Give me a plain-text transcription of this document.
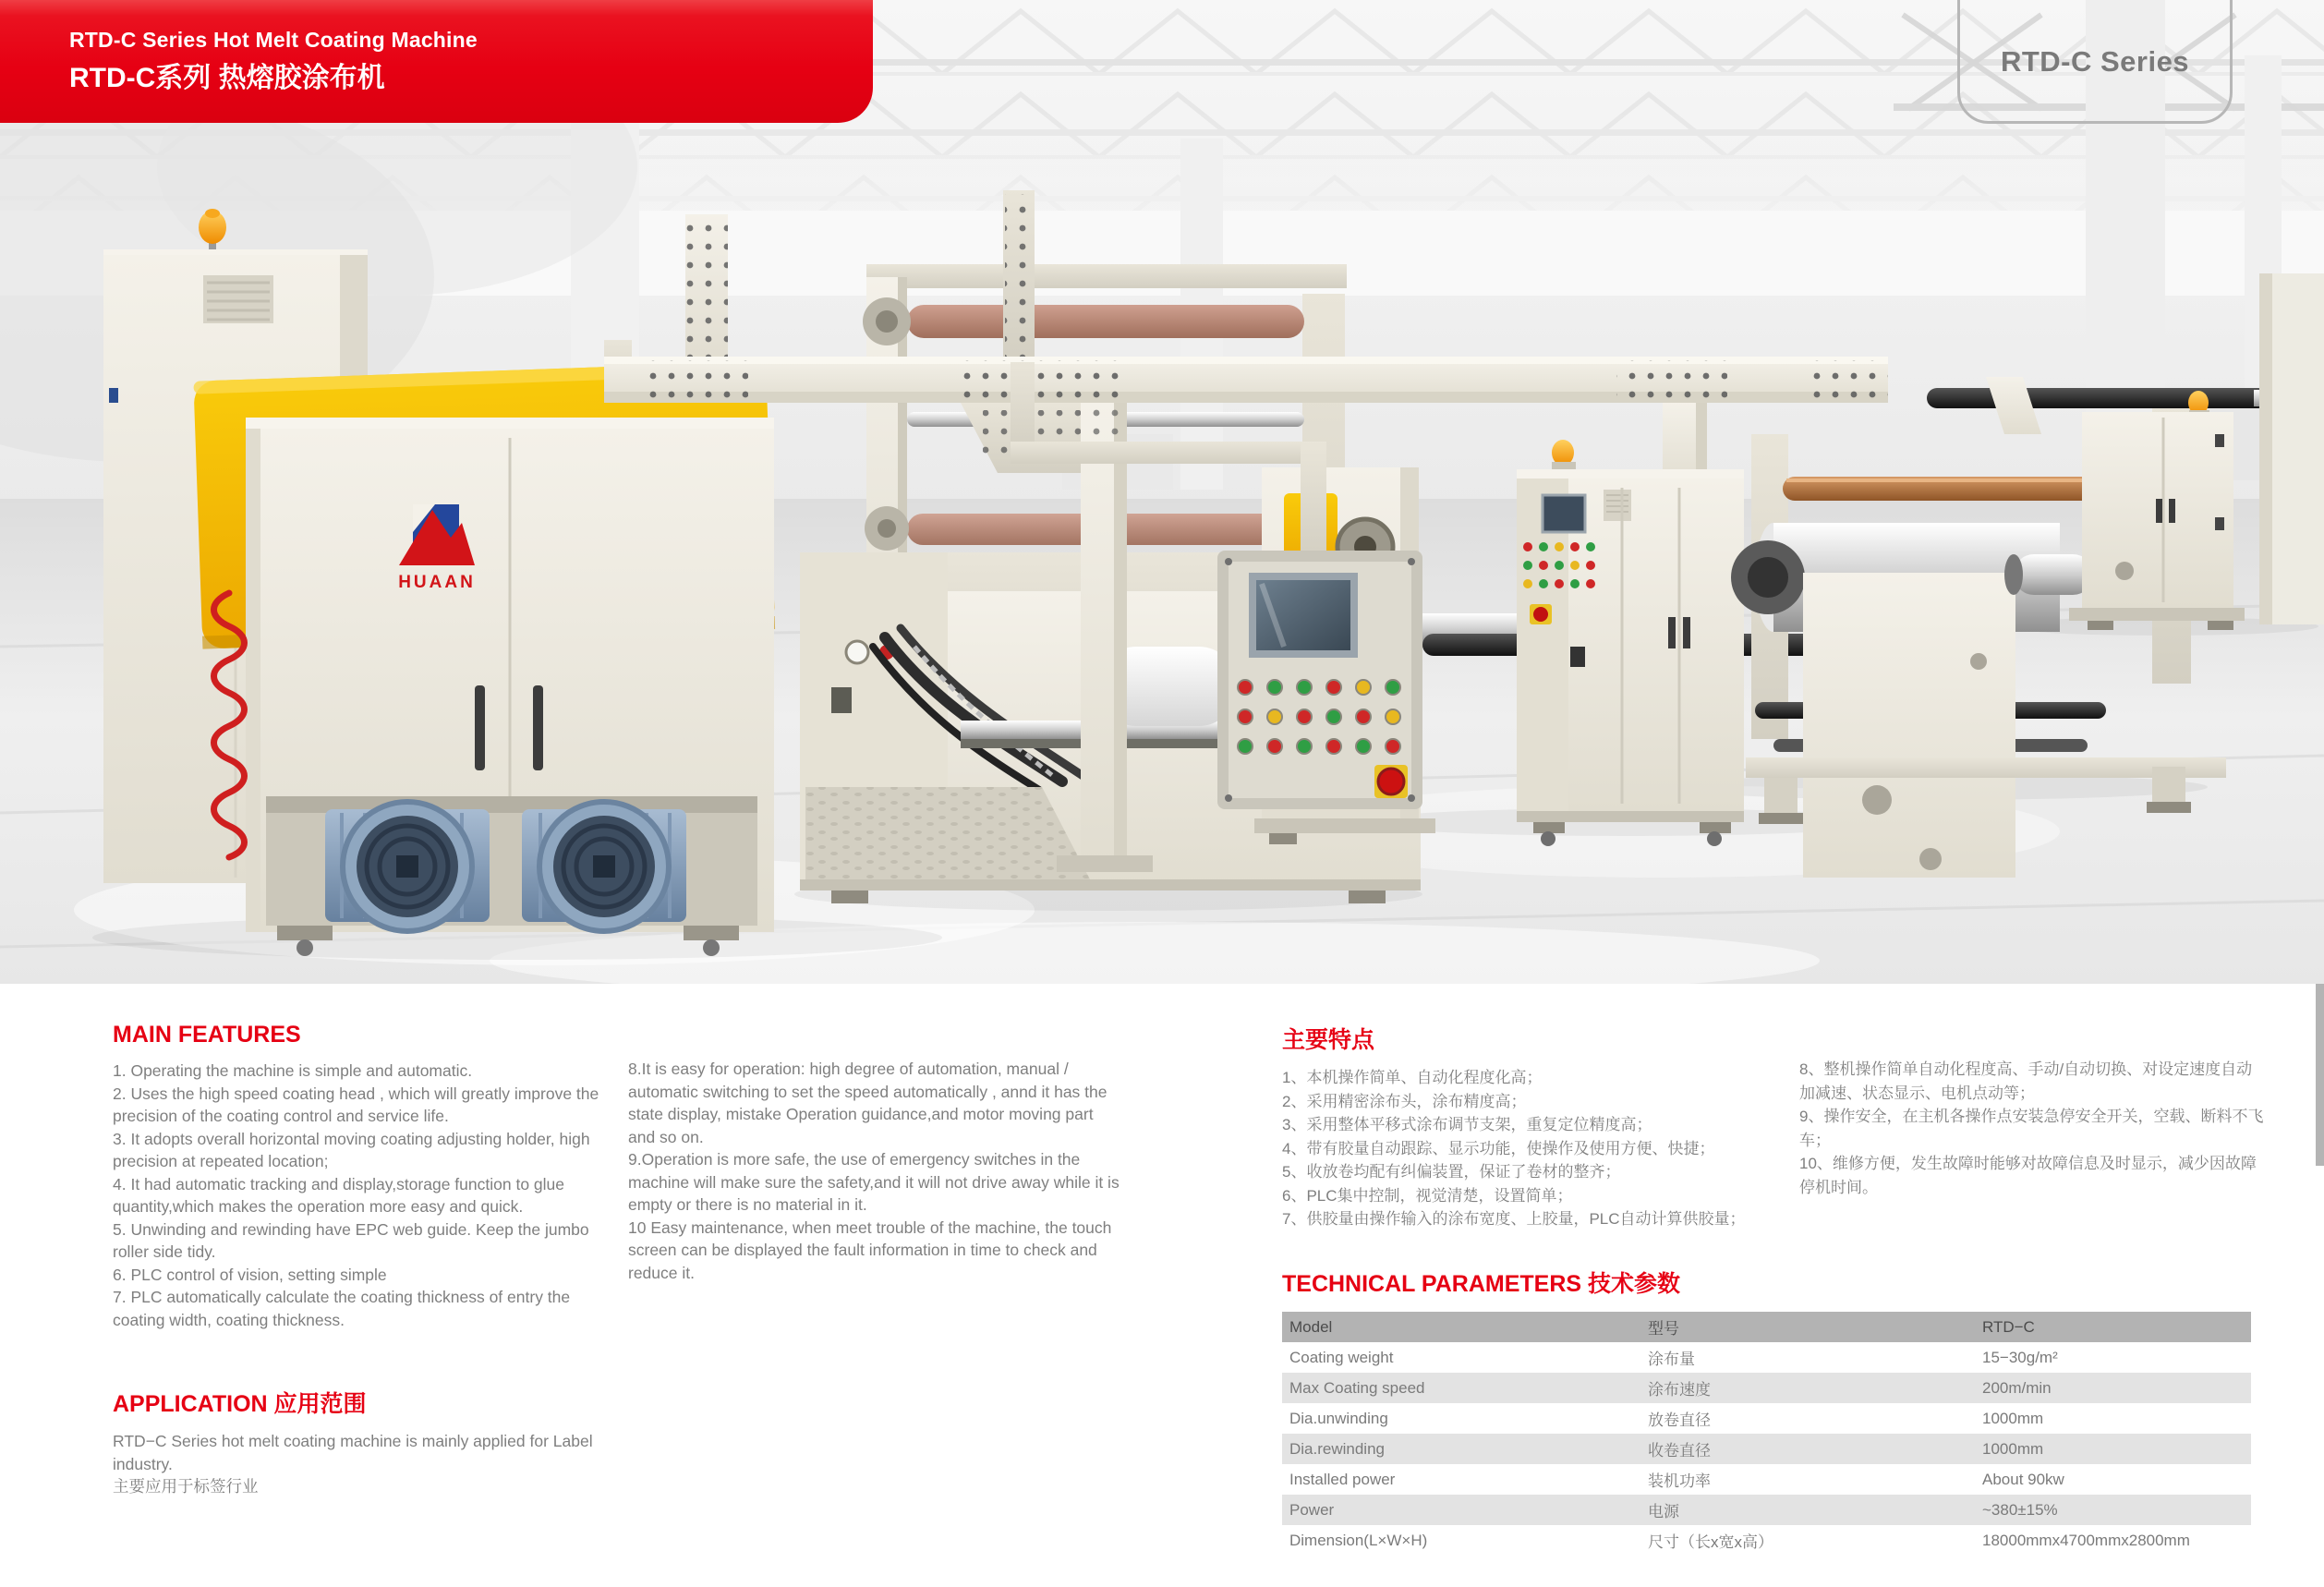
HUAAN
RTD-C Series Hot Melt Coating Machine
RTD-C系列 热熔胶涂布机
RTD-C Series
MAIN FEATURES

1. Operating the machine is simple and automatic.

2. Uses the high speed coating head , which will greatly improve the precision of the coating control and service life.

3. It adopts overall horizontal moving coating adjusting holder, high precision at repeated location;

4. It had automatic tracking and display,storage function to glue quantity,which makes the operation more easy and quick.

5. Unwinding and rewinding have EPC web guide. Keep the jumbo roller side tidy.

6. PLC control of vision, setting simple

7. PLC automatically calculate the coating thickness of entry the coating width, coating thickness.

8.It is easy for operation: high degree of automation, manual / automatic switching to set the speed automatically , annd it has the state display, mistake Operation guidance,and motor moving part and so on.

9.Operation is more safe, the use of emergency switches in the machine will make sure the safety,and it will not drive away while it is empty or there is no material in it.

10 Easy maintenance, when meet trouble of the machine, the touch screen can be displayed the fault information in time to check and reduce it.

主要特点

1、本机操作简单、自动化程度化高；

2、采用精密涂布头，涂布精度高；

3、采用整体平移式涂布调节支架，重复定位精度高；

4、带有胶量自动跟踪、显示功能，使操作及使用方便、快捷；

5、收放卷均配有纠偏装置，保证了卷材的整齐；

6、PLC集中控制，视觉清楚，设置简单；

7、供胶量由操作输入的涂布宽度、上胶量，PLC自动计算供胶量；

8、整机操作简单自动化程度高、手动/自动切换、对设定速度自动加减速、状态显示、电机点动等；

9、操作安全，在主机各操作点安装急停安全开关，空载、断料不飞车；

10、维修方便，发生故障时能够对故障信息及时显示，减少因故障停机时间。

APPLICATION 应用范围

RTD−C Series hot melt coating machine is mainly applied for Label industry.

主要应用于标签行业

TECHNICAL PARAMETERS 技术参数
Model	型号	RTD−C
Coating weight	涂布量	15−30g/m²
Max Coating speed	涂布速度	200m/min
Dia.unwinding	放卷直径	1000mm
Dia.rewinding	收卷直径	1000mm
Installed power	装机功率	About 90kw
Power	电源	~380±15%
Dimension(L×W×H)	尺寸（长x宽x高）	18000mmx4700mmx2800mm
